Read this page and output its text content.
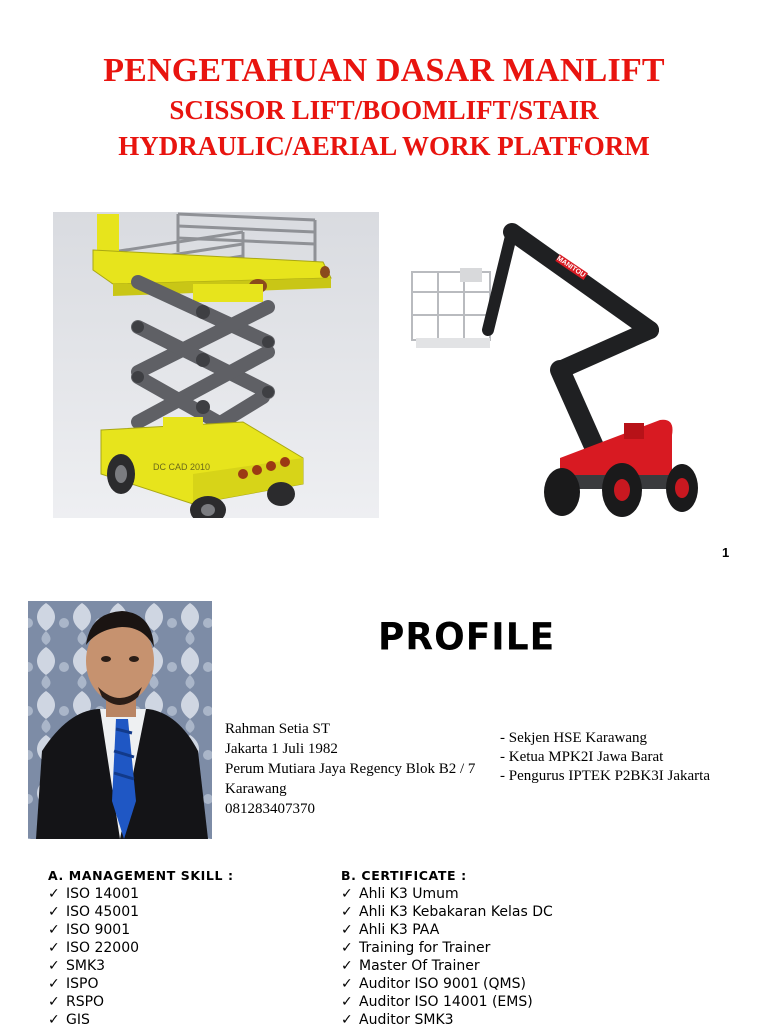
PENGETAHUAN DASAR MANLIFT
SCISSOR LIFT/BOOMLIFT/STAIR
HYDRAULIC/AERIAL WORK PLATFORM
DC CAD 2010
MANITOU
1
PROFILE
Rahman Setia ST
Jakarta 1 Juli 1982
Perum Mutiara Jaya Regency Blok B2 / 7
Karawang
081283407370
- Sekjen HSE Karawang
- Ketua MPK2I Jawa Barat
- Pengurus IPTEK P2BK3I Jakarta
A. MANAGEMENT SKILL :
✓ ISO 14001
✓ ISO 45001
✓ ISO 9001
✓ ISO 22000
✓ SMK3
✓ ISPO
✓ RSPO
✓ GIS
B. CERTIFICATE :
✓ Ahli K3 Umum
✓ Ahli K3 Kebakaran Kelas DC
✓ Ahli K3 PAA
✓ Training for Trainer
✓ Master Of Trainer
✓ Auditor ISO 9001 (QMS)
✓ Auditor ISO 14001 (EMS)
✓ Auditor SMK3
